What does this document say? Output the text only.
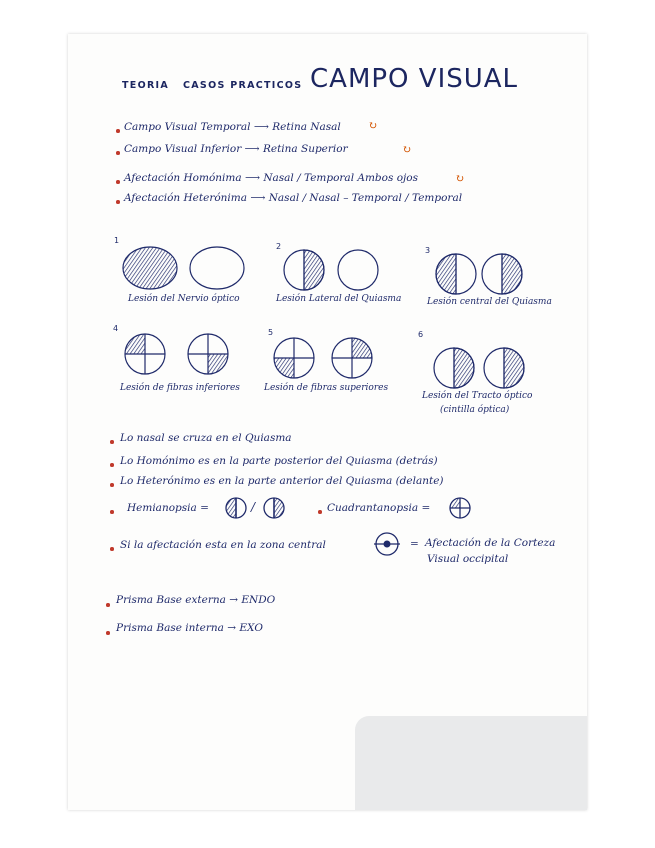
TEORIA CASOS PRACTICOS CAMPO VISUAL
Campo Visual Temporal ⟶ Retina Nasal ↻
Campo Visual Inferior ⟶ Retina Superior	↻
Afectación Homónima ⟶ Nasal / Temporal Ambos ojos	↻
Afectación Heterónima ⟶ Nasal / Nasal – Temporal / Temporal
1
2	3
4	5	6
Lesión del Nervio óptico	Lesión Lateral del Quiasma	Lesión central del Quiasma
Lesión de fibras inferiores	Lesión de fibras superiores
Lesión del Tracto óptico
(cintilla óptica)
Lo nasal se cruza en el Quiasma
Lo Homónimo es en la parte posterior del Quiasma (detrás)
Lo Heterónimo es en la parte anterior del Quiasma (delante)
Hemianopsia =	/	Cuadrantanopsia =
Si la afectación esta en la zona central	= Afectación de la Corteza
Visual occipital
Prisma Base externa → ENDO
Prisma Base interna → EXO
